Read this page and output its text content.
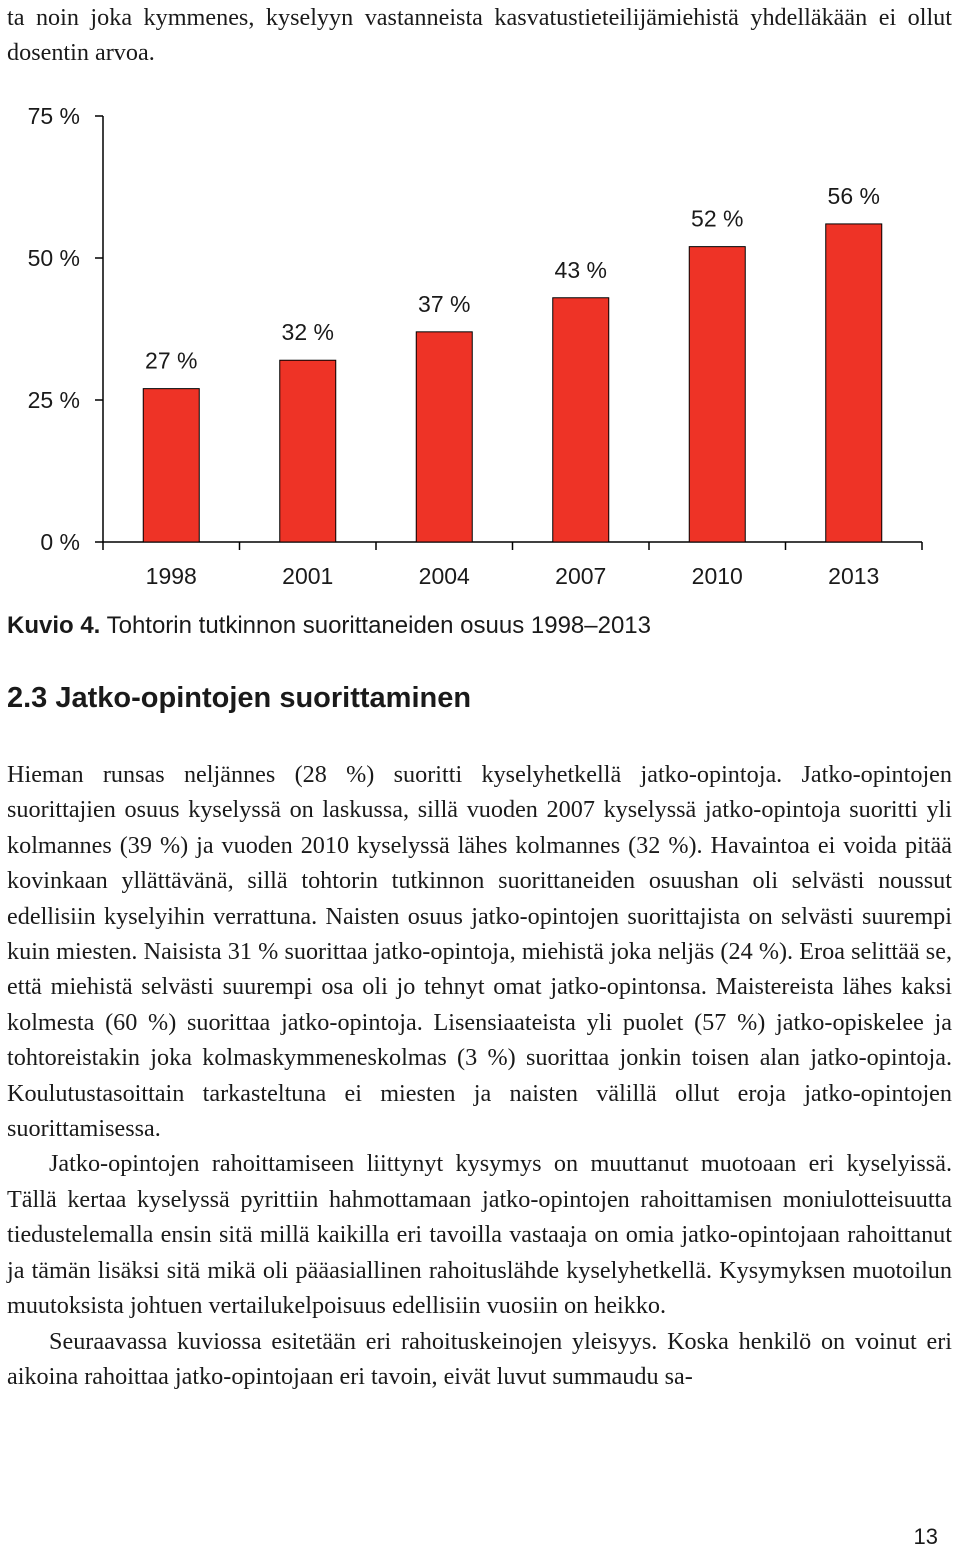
ta noin joka kymmenes, kyselyyn vastanneista kasvatustieteilijämiehistä yhdelläkään ei ollut dosentin arvoa.
0 %
25 %
50 %
75 %
1998	2001	2004	2007	2010	2013
27 %
32 %
37 %
43 %
52 %
56 %
Kuvio 4. Tohtorin tutkinnon suorittaneiden osuus 1998–2013
2.3 Jatko-opintojen suorittaminen

Hieman runsas neljännes (28 %) suoritti kyselyhetkellä jatko-opintoja. Jatko-opintojen suorittajien osuus kyselyssä on laskussa, sillä vuoden 2007 kyselyssä jatko-opintoja suoritti yli kolmannes (39 %) ja vuoden 2010 kyselyssä lähes kolmannes (32 %). Havaintoa ei voida pitää kovinkaan yllättävänä, sillä tohtorin tutkinnon suorittaneiden osuushan oli selvästi noussut edellisiin kyselyihin verrattuna. Naisten osuus jatko-opintojen suorittajista on selvästi suurempi kuin miesten. Naisista 31 % suorittaa jatko-opintoja, miehistä joka neljäs (24 %). Eroa selittää se, että miehistä selvästi suurempi osa oli jo tehnyt omat jatko-opintonsa. Maistereista lähes kaksi kolmesta (60 %) suorittaa jatko-opintoja. Lisensiaateista yli puolet (57 %) jatko-opiskelee ja tohtoreistakin joka kolmaskymmeneskolmas (3 %) suorittaa jonkin toisen alan jatko-opintoja. Koulutustasoittain tarkasteltuna ei miesten ja naisten välillä ollut eroja jatko-opintojen suorittamisessa.

Jatko-opintojen rahoittamiseen liittynyt kysymys on muuttanut muotoaan eri kyselyissä. Tällä kertaa kyselyssä pyrittiin hahmottamaan jatko-opintojen rahoittamisen moniulotteisuutta tiedustelemalla ensin sitä millä kaikilla eri tavoilla vastaaja on omia jatko-opintojaan rahoittanut ja tämän lisäksi sitä mikä oli pääasiallinen rahoituslähde kyselyhetkellä. Kysymyksen muotoilun muutoksista johtuen vertailukelpoisuus edellisiin vuosiin on heikko.

Seuraavassa kuviossa esitetään eri rahoituskeinojen yleisyys. Koska henkilö on voinut eri aikoina rahoittaa jatko-opintojaan eri tavoin, eivät luvut summaudu sa-

13
